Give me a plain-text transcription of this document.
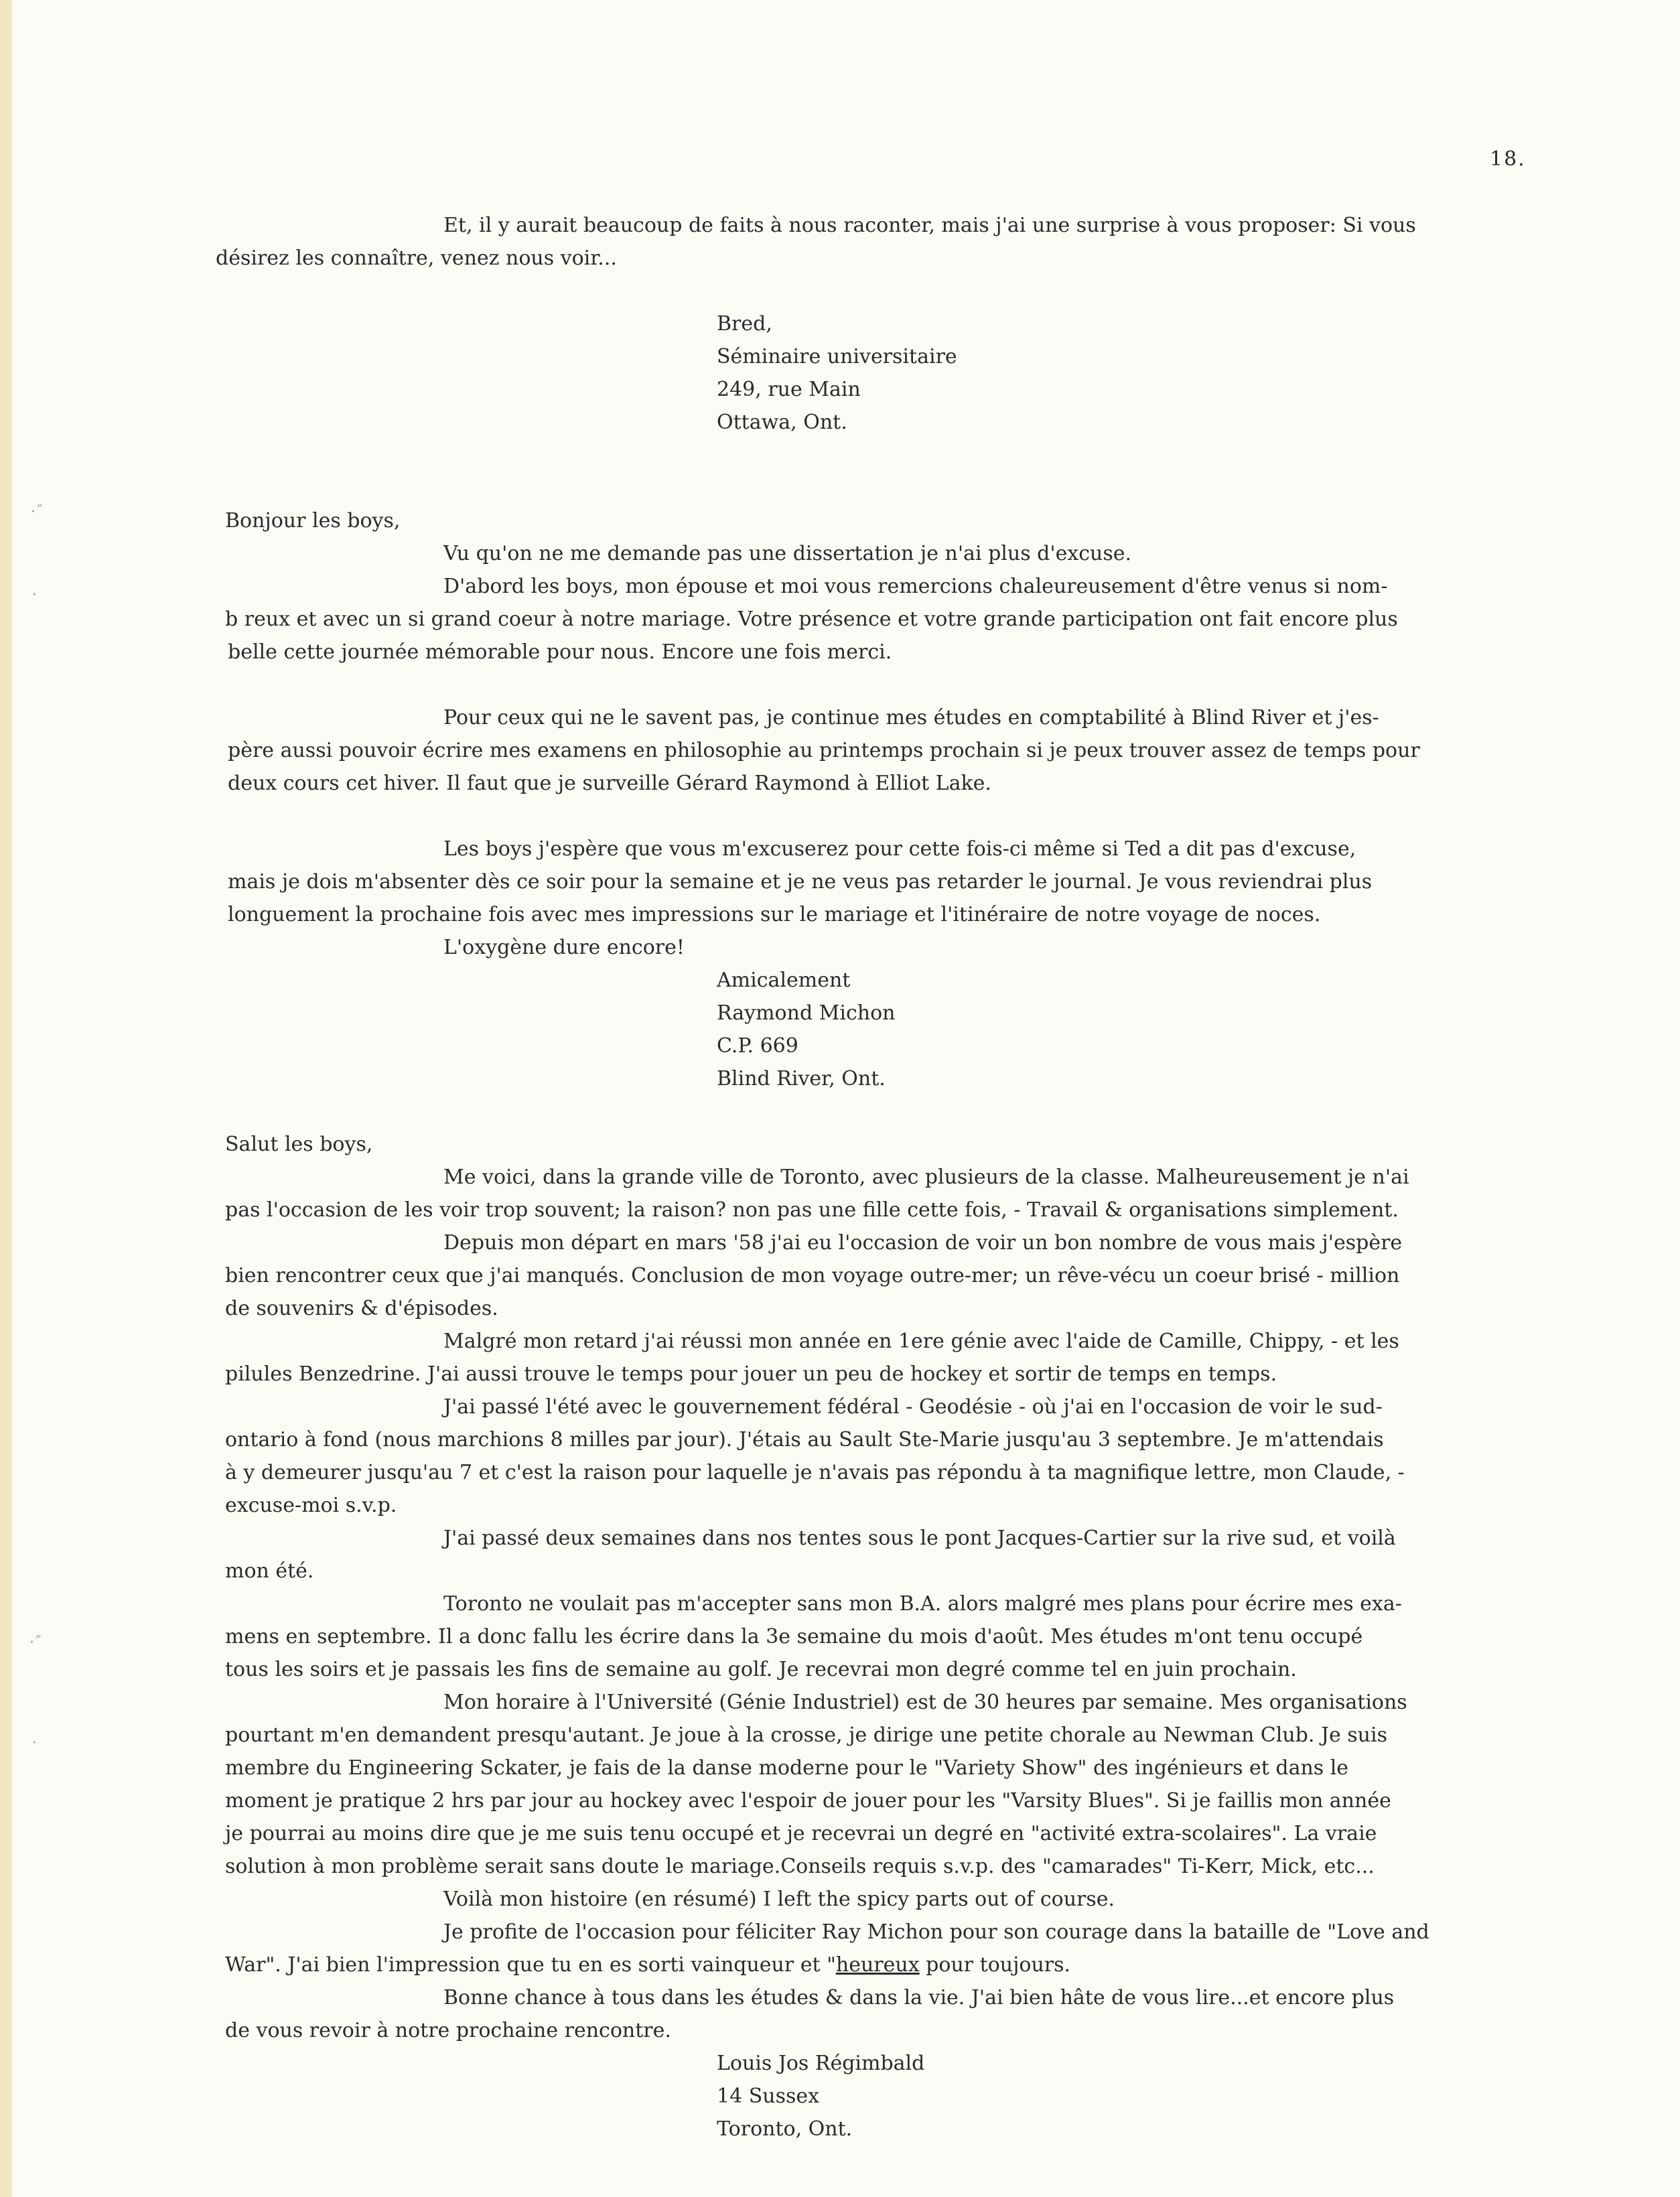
·˝
·
·˝
·
18.

Et, il y aurait beaucoup de faits à nous raconter, mais j'ai une surprise à vous proposer: Si vous

désirez les connaître, venez nous voir...

Bred,

Séminaire universitaire

249, rue Main

Ottawa, Ont.

Bonjour les boys,

Vu qu'on ne me demande pas une dissertation je n'ai plus d'excuse.

D'abord les boys, mon épouse et moi vous remercions chaleureusement d'être venus si nom-

b reux et avec un si grand coeur à notre mariage. Votre présence et votre grande participation ont fait encore plus

belle cette journée mémorable pour nous. Encore une fois merci.

Pour ceux qui ne le savent pas, je continue mes études en comptabilité à Blind River et j'es-

père aussi pouvoir écrire mes examens en philosophie au printemps prochain si je peux trouver assez de temps pour

deux cours cet hiver. Il faut que je surveille Gérard Raymond à Elliot Lake.

Les boys j'espère que vous m'excuserez pour cette fois-ci même si Ted a dit pas d'excuse,

mais je dois m'absenter dès ce soir pour la semaine et je ne veus pas retarder le journal. Je vous reviendrai plus

longuement la prochaine fois avec mes impressions sur le mariage et l'itinéraire de notre voyage de noces.

L'oxygène dure encore!

Amicalement

Raymond Michon

C.P. 669

Blind River, Ont.

Salut les boys,

Me voici, dans la grande ville de Toronto, avec plusieurs de la classe. Malheureusement je n'ai

pas l'occasion de les voir trop souvent; la raison? non pas une fille cette fois, - Travail & organisations simplement.

Depuis mon départ en mars '58 j'ai eu l'occasion de voir un bon nombre de vous mais j'espère

bien rencontrer ceux que j'ai manqués. Conclusion de mon voyage outre-mer; un rêve-vécu un coeur brisé - million

de souvenirs & d'épisodes.

Malgré mon retard j'ai réussi mon année en 1ere génie avec l'aide de Camille, Chippy, - et les

pilules Benzedrine. J'ai aussi trouve le temps pour jouer un peu de hockey et sortir de temps en temps.

J'ai passé l'été avec le gouvernement fédéral - Geodésie - où j'ai en l'occasion de voir le sud-

ontario à fond (nous marchions 8 milles par jour). J'étais au Sault Ste-Marie jusqu'au 3 septembre. Je m'attendais

à y demeurer jusqu'au 7 et c'est la raison pour laquelle je n'avais pas répondu à ta magnifique lettre, mon Claude, -

excuse-moi s.v.p.

J'ai passé deux semaines dans nos tentes sous le pont Jacques-Cartier sur la rive sud, et voilà

mon été.

Toronto ne voulait pas m'accepter sans mon B.A. alors malgré mes plans pour écrire mes exa-

mens en septembre. Il a donc fallu les écrire dans la 3e semaine du mois d'août. Mes études m'ont tenu occupé

tous les soirs et je passais les fins de semaine au golf. Je recevrai mon degré comme tel en juin prochain.

Mon horaire à l'Université (Génie Industriel) est de 30 heures par semaine. Mes organisations

pourtant m'en demandent presqu'autant. Je joue à la crosse, je dirige une petite chorale au Newman Club. Je suis

membre du Engineering Sckater, je fais de la danse moderne pour le "Variety Show" des ingénieurs et dans le

moment je pratique 2 hrs par jour au hockey avec l'espoir de jouer pour les "Varsity Blues". Si je faillis mon année

je pourrai au moins dire que je me suis tenu occupé et je recevrai un degré en "activité extra-scolaires". La vraie

solution à mon problème serait sans doute le mariage.Conseils requis s.v.p. des "camarades" Ti-Kerr, Mick, etc...

Voilà mon histoire (en résumé) I left the spicy parts out of course.

Je profite de l'occasion pour féliciter Ray Michon pour son courage dans la bataille de "Love and

War". J'ai bien l'impression que tu en es sorti vainqueur et "heureux pour toujours.

Bonne chance à tous dans les études & dans la vie. J'ai bien hâte de vous lire...et encore plus

de vous revoir à notre prochaine rencontre.

Louis Jos Régimbald

14 Sussex

Toronto, Ont.
